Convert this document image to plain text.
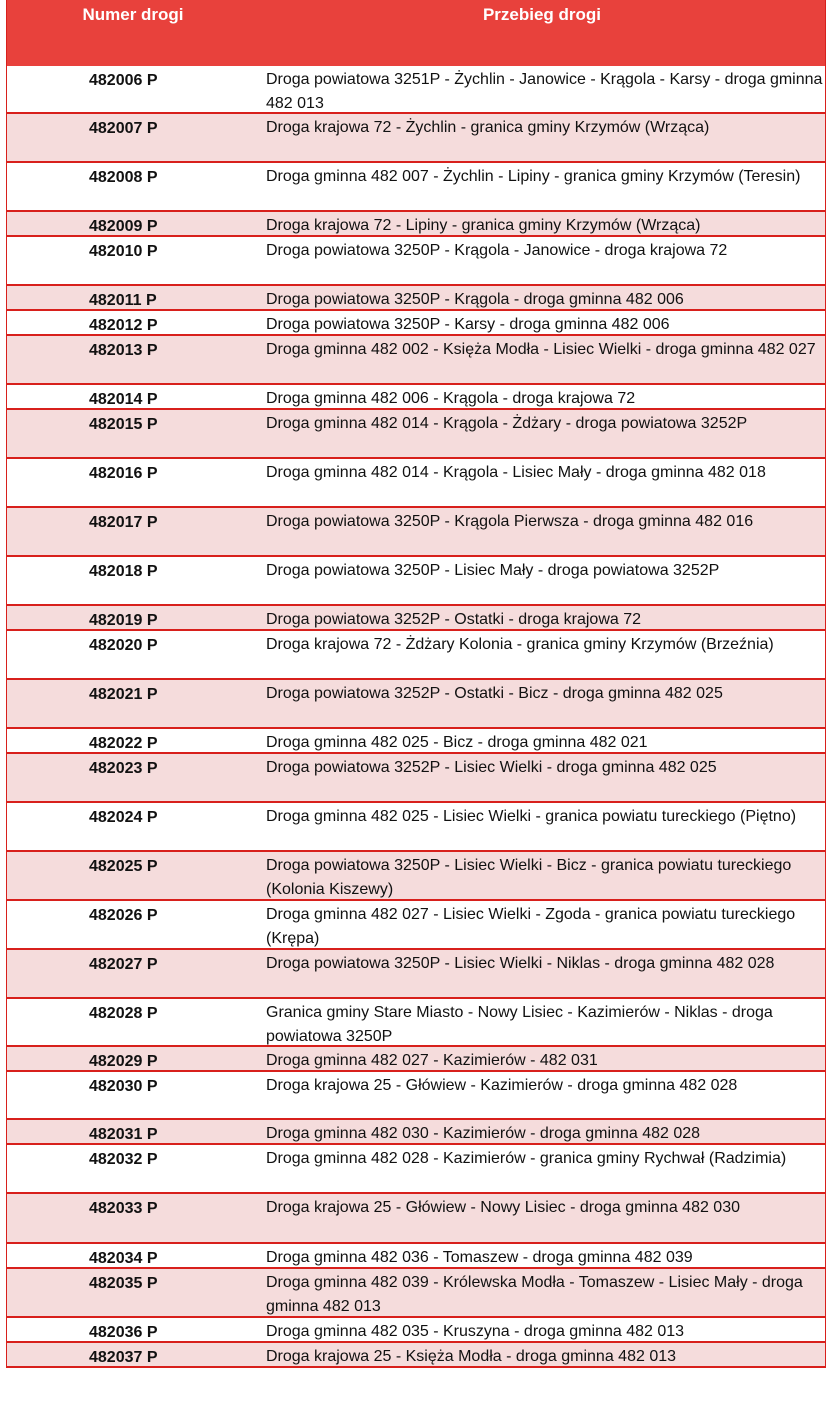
Numer drogi	Przebieg drogi
482006 P	Droga powiatowa 3251P - Żychlin - Janowice - Krągola - Karsy - droga gminna 482 013
482007 P	Droga krajowa 72 - Żychlin - granica gminy Krzymów (Wrząca)
482008 P	Droga gminna 482 007 - Żychlin - Lipiny - granica gminy Krzymów (Teresin)
482009 P	Droga krajowa 72 - Lipiny - granica gminy Krzymów (Wrząca)
482010 P	Droga powiatowa 3250P - Krągola - Janowice - droga krajowa 72
482011 P	Droga powiatowa 3250P - Krągola - droga gminna 482 006
482012 P	Droga powiatowa 3250P - Karsy - droga gminna 482 006
482013 P	Droga gminna 482 002 - Księża Modła - Lisiec Wielki - droga gminna 482 027
482014 P	Droga gminna 482 006 - Krągola - droga krajowa 72
482015 P	Droga gminna 482 014 - Krągola - Żdżary - droga powiatowa 3252P
482016 P	Droga gminna 482 014 - Krągola - Lisiec Mały - droga gminna 482 018
482017 P	Droga powiatowa 3250P - Krągola Pierwsza - droga gminna 482 016
482018 P	Droga powiatowa 3250P - Lisiec Mały - droga powiatowa 3252P
482019 P	Droga powiatowa 3252P - Ostatki - droga krajowa 72
482020 P	Droga krajowa 72 - Żdżary Kolonia - granica gminy Krzymów (Brzeźnia)
482021 P	Droga powiatowa 3252P - Ostatki - Bicz - droga gminna 482 025
482022 P	Droga gminna 482 025 - Bicz - droga gminna 482 021
482023 P	Droga powiatowa 3252P - Lisiec Wielki - droga gminna 482 025
482024 P	Droga gminna 482 025 - Lisiec Wielki - granica powiatu tureckiego (Piętno)
482025 P	Droga powiatowa 3250P - Lisiec Wielki - Bicz - granica powiatu tureckiego (Kolonia Kiszewy)
482026 P	Droga gminna 482 027 - Lisiec Wielki - Zgoda - granica powiatu tureckiego (Krępa)
482027 P	Droga powiatowa 3250P - Lisiec Wielki - Niklas - droga gminna 482 028
482028 P	Granica gminy Stare Miasto - Nowy Lisiec - Kazimierów - Niklas - droga powiatowa 3250P
482029 P	Droga gminna 482 027 - Kazimierów - 482 031
482030 P	Droga krajowa 25 - Główiew - Kazimierów - droga gminna 482 028
482031 P	Droga gminna 482 030 - Kazimierów - droga gminna 482 028
482032 P	Droga gminna 482 028 - Kazimierów - granica gminy Rychwał (Radzimia)
482033 P	Droga krajowa 25 - Główiew - Nowy Lisiec - droga gminna 482 030
482034 P	Droga gminna 482 036 - Tomaszew - droga gminna 482 039
482035 P	Droga gminna 482 039 - Królewska Modła - Tomaszew - Lisiec Mały - droga gminna 482 013
482036 P	Droga gminna 482 035 - Kruszyna - droga gminna 482 013
482037 P	Droga krajowa 25 - Księża Modła - droga gminna 482 013
